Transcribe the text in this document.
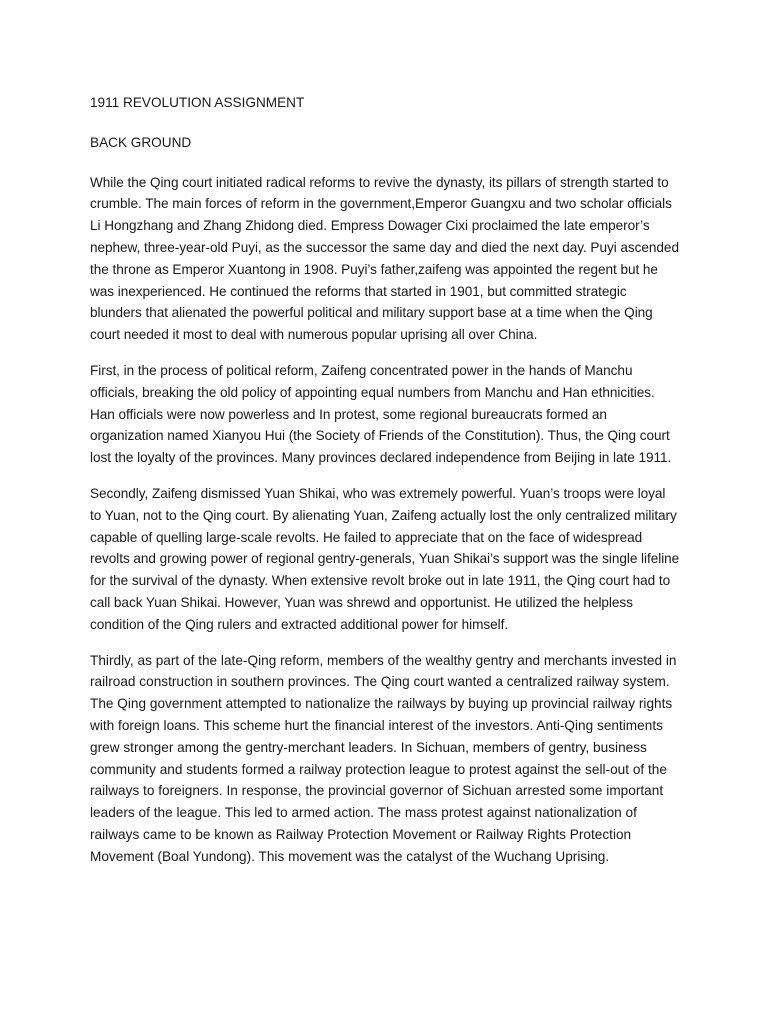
1911 REVOLUTION ASSIGNMENT
BACK GROUND

While the Qing court initiated radical reforms to revive the dynasty, its pillars of strength started to crumble. The main forces of reform in the government,Emperor Guangxu and two scholar officials Li Hongzhang and Zhang Zhidong died. Empress Dowager Cixi proclaimed the late emperor’s nephew, three-year-old Puyi, as the successor the same day and died the next day. Puyi ascended the throne as Emperor Xuantong in 1908. Puyi’s father,zaifeng was appointed the regent but he was inexperienced. He continued the reforms that started in 1901, but committed strategic blunders that alienated the powerful political and military support base at a time when the Qing court needed it most to deal with numerous popular uprising all over China.

First, in the process of political reform, Zaifeng concentrated power in the hands of Manchu officials, breaking the old policy of appointing equal numbers from Manchu and Han ethnicities. Han officials were now powerless and In protest, some regional bureaucrats formed an organization named Xianyou Hui (the Society of Friends of the Constitution). Thus, the Qing court lost the loyalty of the provinces. Many provinces declared independence from Beijing in late 1911.

Secondly, Zaifeng dismissed Yuan Shikai, who was extremely powerful. Yuan’s troops were loyal to Yuan, not to the Qing court. By alienating Yuan, Zaifeng actually lost the only centralized military capable of quelling large-scale revolts. He failed to appreciate that on the face of widespread revolts and growing power of regional gentry-generals, Yuan Shikai’s support was the single lifeline for the survival of the dynasty. When extensive revolt broke out in late 1911, the Qing court had to call back Yuan Shikai. However, Yuan was shrewd and opportunist. He utilized the helpless condition of the Qing rulers and extracted additional power for himself.

Thirdly, as part of the late-Qing reform, members of the wealthy gentry and merchants invested in railroad construction in southern provinces. The Qing court wanted a centralized railway system. The Qing government attempted to nationalize the railways by buying up provincial railway rights with foreign loans. This scheme hurt the financial interest of the investors. Anti-Qing sentiments grew stronger among the gentry-merchant leaders. In Sichuan, members of gentry, business community and students formed a railway protection league to protest against the sell-out of the railways to foreigners. In response, the provincial governor of Sichuan arrested some important leaders of the league. This led to armed action. The mass protest against nationalization of railways came to be known as Railway Protection Movement or Railway Rights Protection Movement (Boal Yundong). This movement was the catalyst of the Wuchang Uprising.
